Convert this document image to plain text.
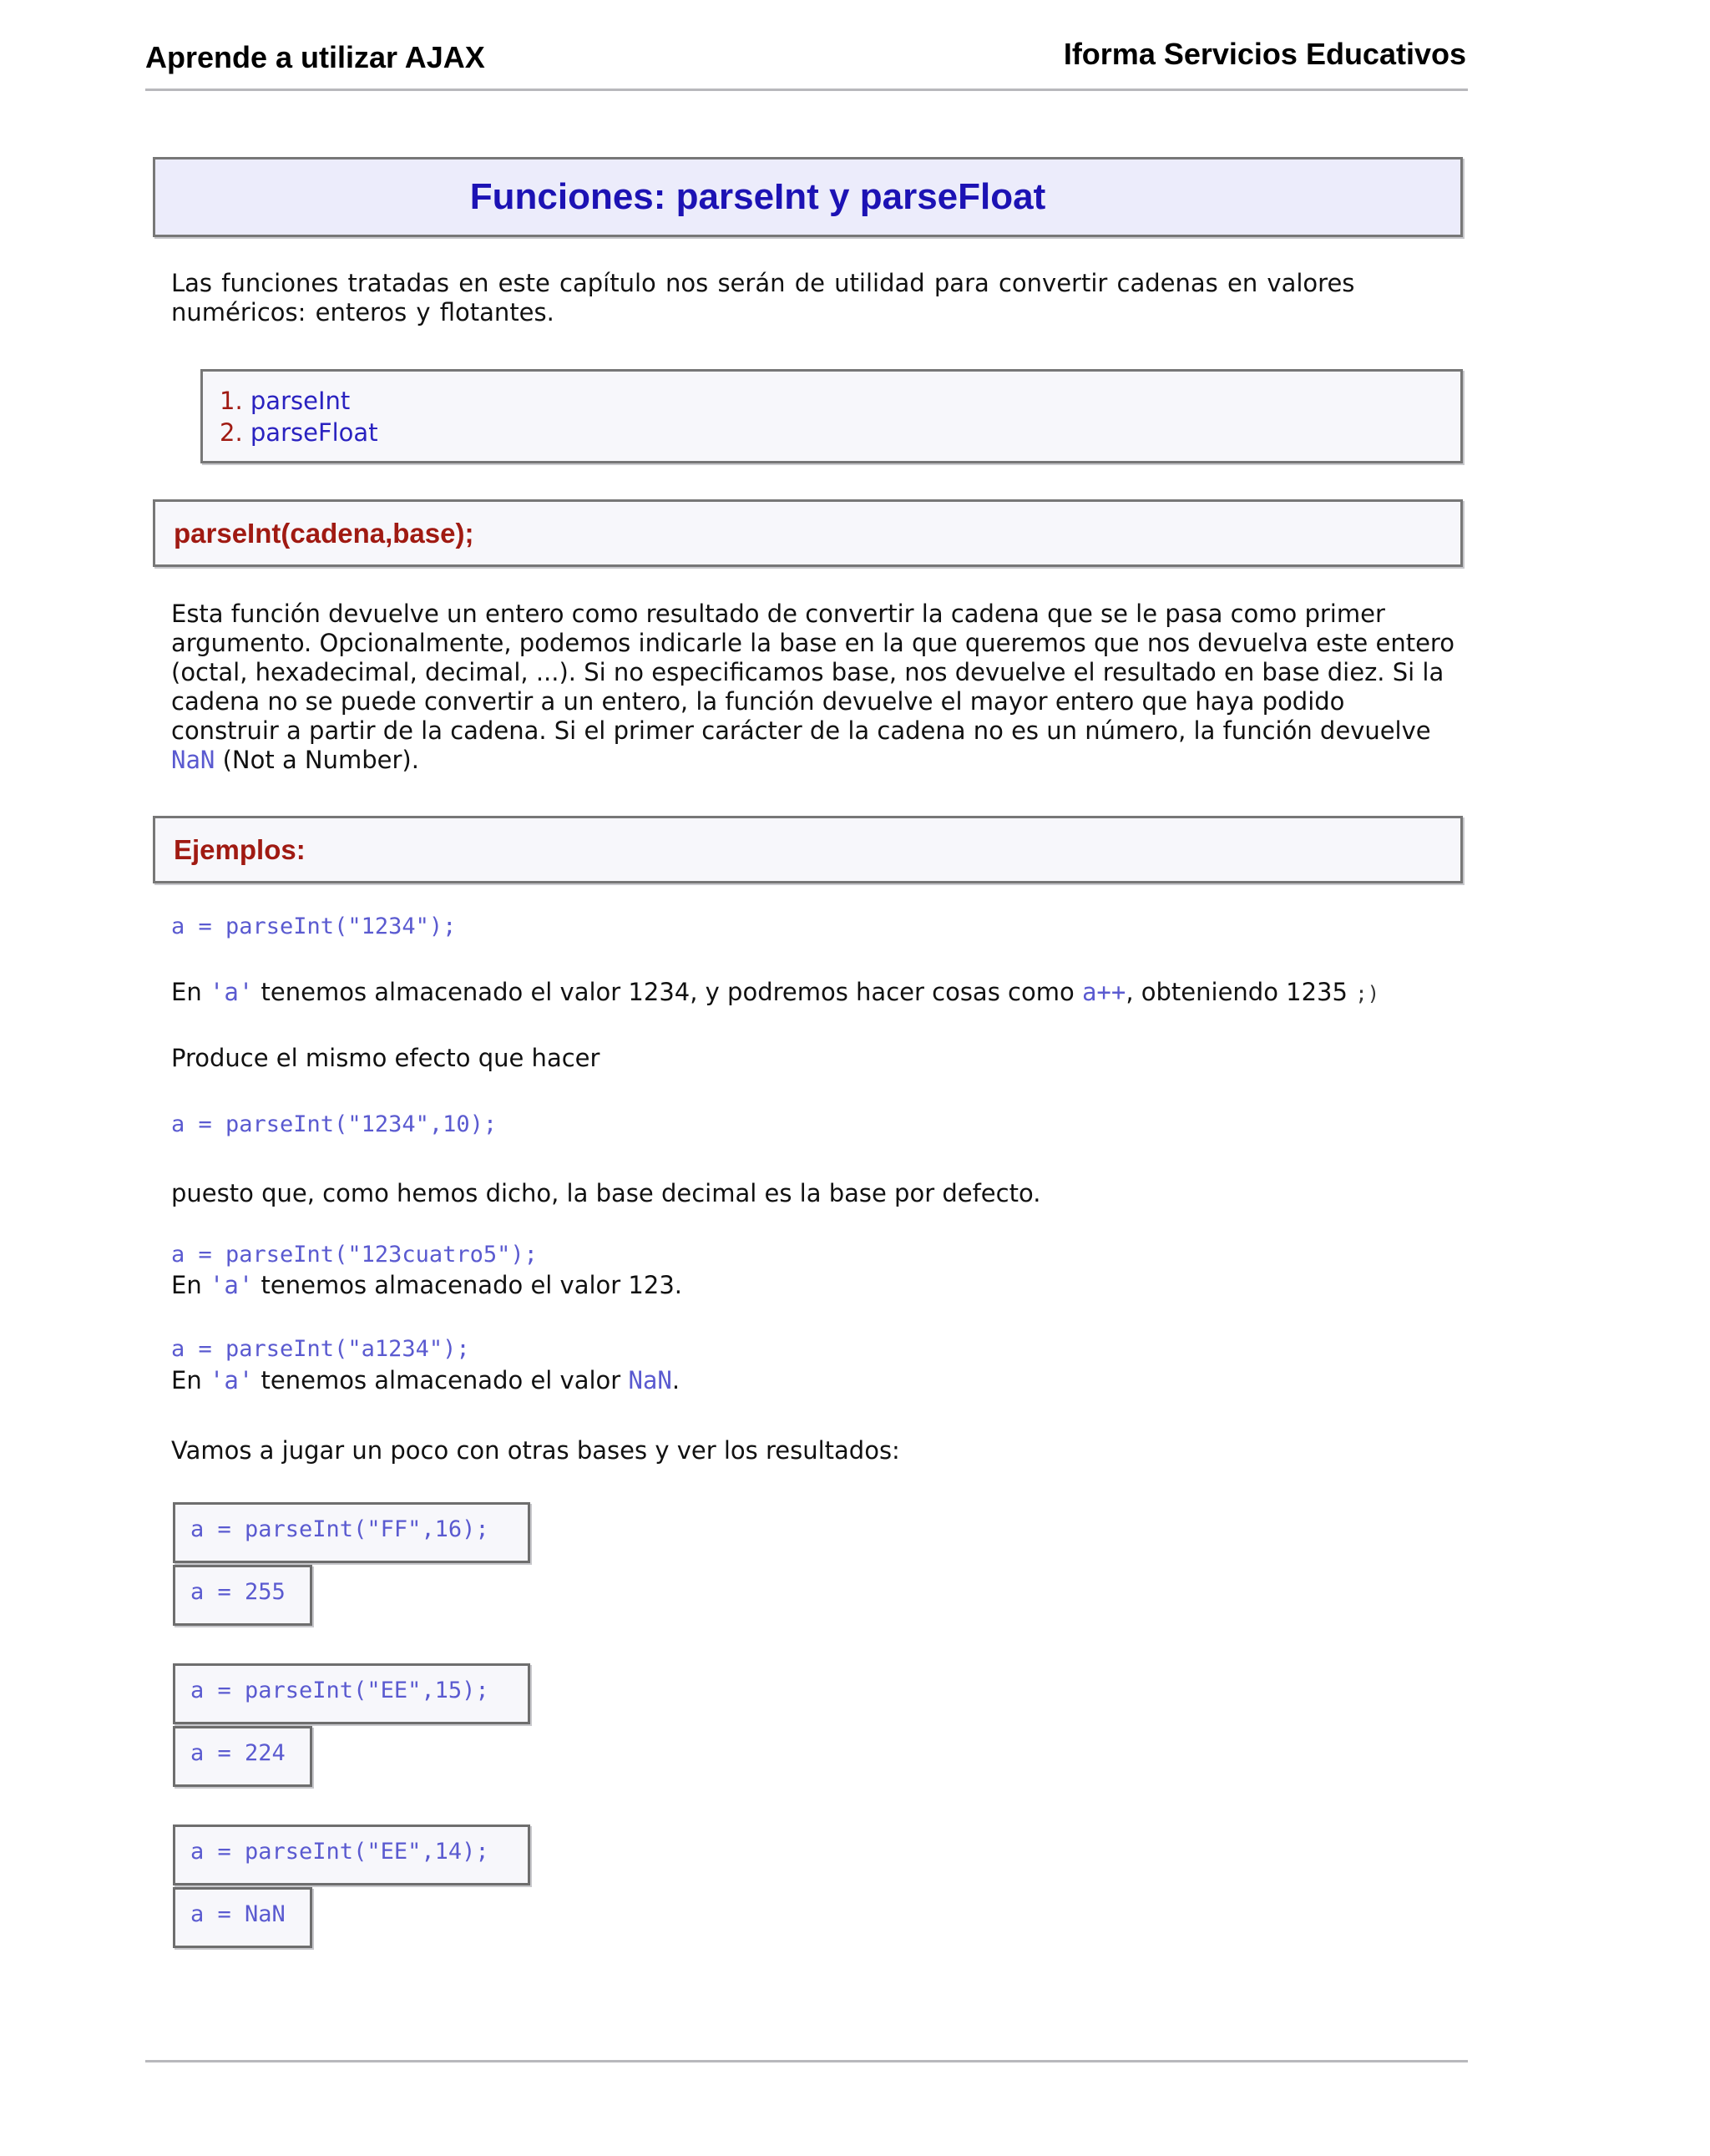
Aprende a utilizar AJAX	Iforma Servicios Educativos
Funciones: parseInt y parseFloat
Las funciones tratadas en este capítulo nos serán de utilidad para convertir cadenas en valores numéricos: enteros y flotantes.
1. parseInt
2. parseFloat
parseInt(cadena,base);
Esta función devuelve un entero como resultado de convertir la cadena que se le pasa como primer argumento. Opcionalmente, podemos indicarle la base en la que queremos que nos devuelva este entero (octal, hexadecimal, decimal, ...). Si no especificamos base, nos devuelve el resultado en base diez. Si la cadena no se puede convertir a un entero, la función devuelve el mayor entero que haya podido construir a partir de la cadena. Si el primer carácter de la cadena no es un número, la función devuelve NaN (Not a Number).
Ejemplos:
a = parseInt("1234");
En 'a' tenemos almacenado el valor 1234, y podremos hacer cosas como a++, obteniendo 1235 ;)
Produce el mismo efecto que hacer
a = parseInt("1234",10);
puesto que, como hemos dicho, la base decimal es la base por defecto.
a = parseInt("123cuatro5");
En 'a' tenemos almacenado el valor 123.
a = parseInt("a1234");
En 'a' tenemos almacenado el valor NaN.
Vamos a jugar un poco con otras bases y ver los resultados:
a = parseInt("FF",16);
a = 255
a = parseInt("EE",15);
a = 224
a = parseInt("EE",14);
a = NaN
